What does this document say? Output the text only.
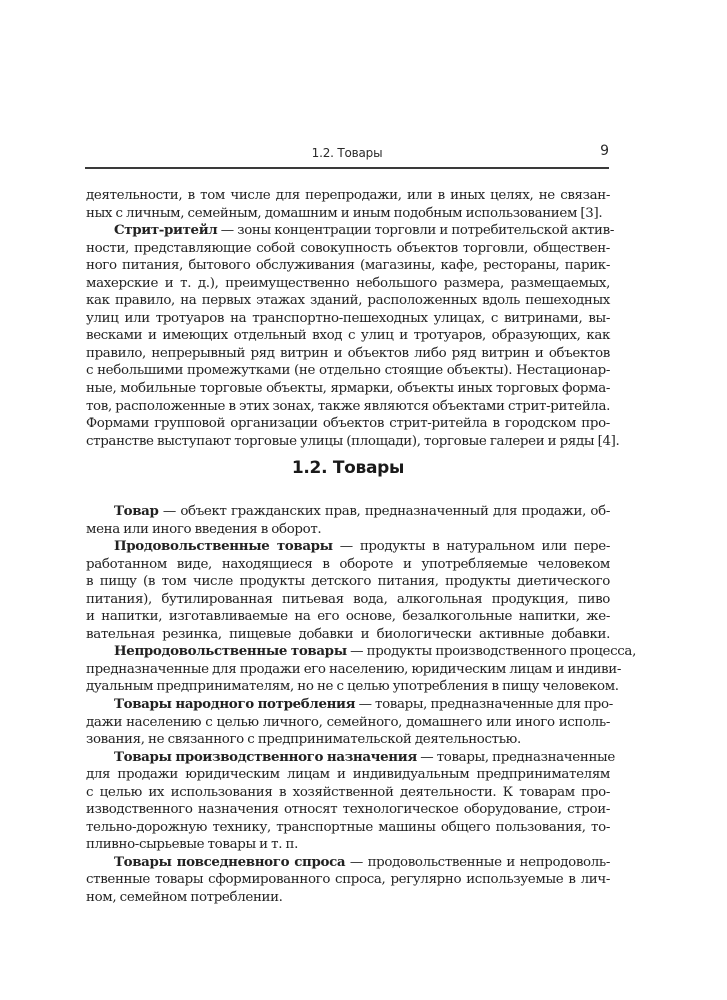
1.2. Товары	9
деятельности, в том числе для перепродажи, или в иных целях, не связан-
ных с личным, семейным, домашним и иным подобным использованием [3].
Стрит-ритейл — зоны концентрации торговли и потребительской актив-
ности, представляющие собой совокупность объектов торговли, обществен-
ного питания, бытового обслуживания (магазины, кафе, рестораны, парик-
махерские и т. д.), преимущественно небольшого размера, размещаемых,
как правило, на первых этажах зданий, расположенных вдоль пешеходных
улиц или тротуаров на транспортно-пешеходных улицах, с витринами, вы-
весками и имеющих отдельный вход с улиц и тротуаров, образующих, как
правило, непрерывный ряд витрин и объектов либо ряд витрин и объектов
с небольшими промежутками (не отдельно стоящие объекты). Нестационар-
ные, мобильные торговые объекты, ярмарки, объекты иных торговых форма-
тов, расположенные в этих зонах, также являются объектами стрит-ритейла.
Формами групповой организации объектов стрит-ритейла в городском про-
странстве выступают торговые улицы (площади), торговые галереи и ряды [4].
1.2. Товары
Товар — объект гражданских прав, предназначенный для продажи, об-
мена или иного введения в оборот.
Продовольственные товары — продукты в натуральном или пере-
работанном виде, находящиеся в обороте и употребляемые человеком
в пищу (в том числе продукты детского питания, продукты диетического
питания), бутилированная питьевая вода, алкогольная продукция, пиво
и напитки, изготавливаемые на его основе, безалкогольные напитки, же-
вательная резинка, пищевые добавки и биологически активные добавки.
Непродовольственные товары — продукты производственного процесса,
предназначенные для продажи его населению, юридическим лицам и индиви-
дуальным предпринимателям, но не с целью употребления в пищу человеком.
Товары народного потребления — товары, предназначенные для про-
дажи населению с целью личного, семейного, домашнего или иного исполь-
зования, не связанного с предпринимательской деятельностью.
Товары производственного назначения — товары, предназначенные
для продажи юридическим лицам и индивидуальным предпринимателям
с целью их использования в хозяйственной деятельности. К товарам про-
изводственного назначения относят технологическое оборудование, строи-
тельно-дорожную технику, транспортные машины общего пользования, то-
пливно-сырьевые товары и т. п.
Товары повседневного спроса — продовольственные и непродоволь-
ственные товары сформированного спроса, регулярно используемые в лич-
ном, семейном потреблении.
